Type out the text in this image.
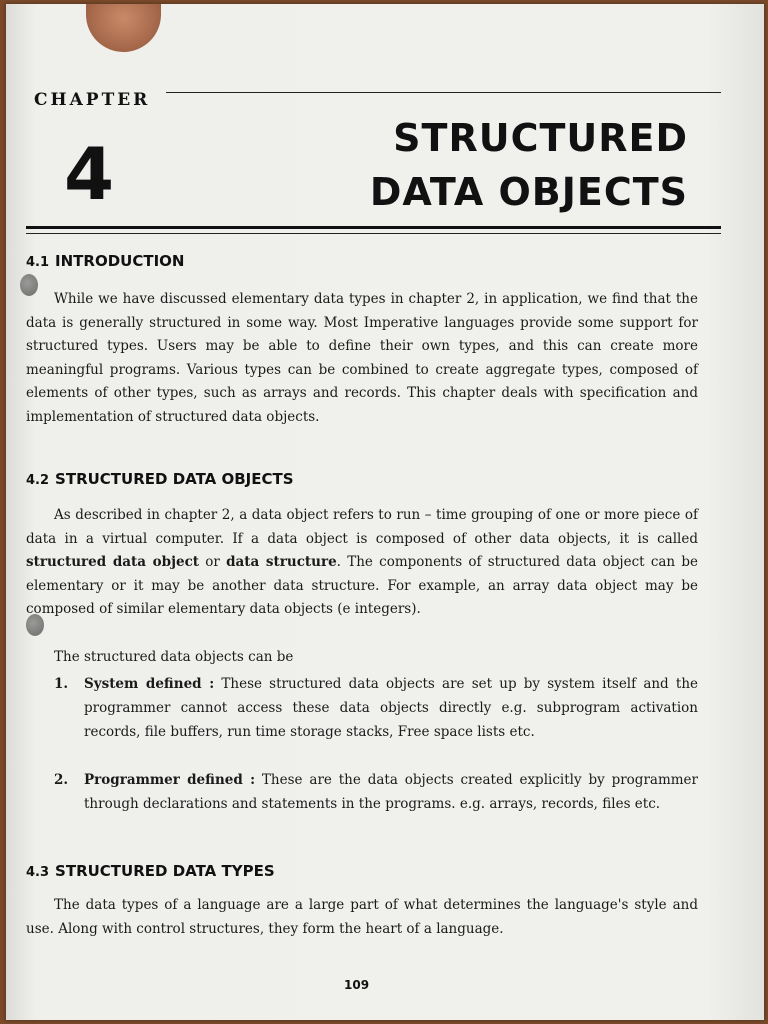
CHAPTER
4	STRUCTURED
DATA OBJECTS
4.1 INTRODUCTION
While we have discussed elementary data types in chapter 2, in application, we find that the data is generally structured in some way. Most Imperative languages provide some support for structured types. Users may be able to define their own types, and this can create more meaningful programs. Various types can be combined to create aggregate types, composed of elements of other types, such as arrays and records. This chapter deals with specification and implementation of structured data objects.
4.2 STRUCTURED DATA OBJECTS
As described in chapter 2, a data object refers to run – time grouping of one or more piece of data in a virtual computer. If a data object is composed of other data objects, it is called structured data object or data structure. The components of structured data object can be elementary or it may be another data structure. For example, an array data object may be composed of similar elementary data objects (e integers).
The structured data objects can be
1. System defined : These structured data objects are set up by system itself and the programmer cannot access these data objects directly e.g. subprogram activation records, file buffers, run time storage stacks, Free space lists etc.
2. Programmer defined : These are the data objects created explicitly by programmer through declarations and statements in the programs. e.g. arrays, records, files etc.
4.3 STRUCTURED DATA TYPES
The data types of a language are a large part of what determines the language's style and use. Along with control structures, they form the heart of a language.
109
